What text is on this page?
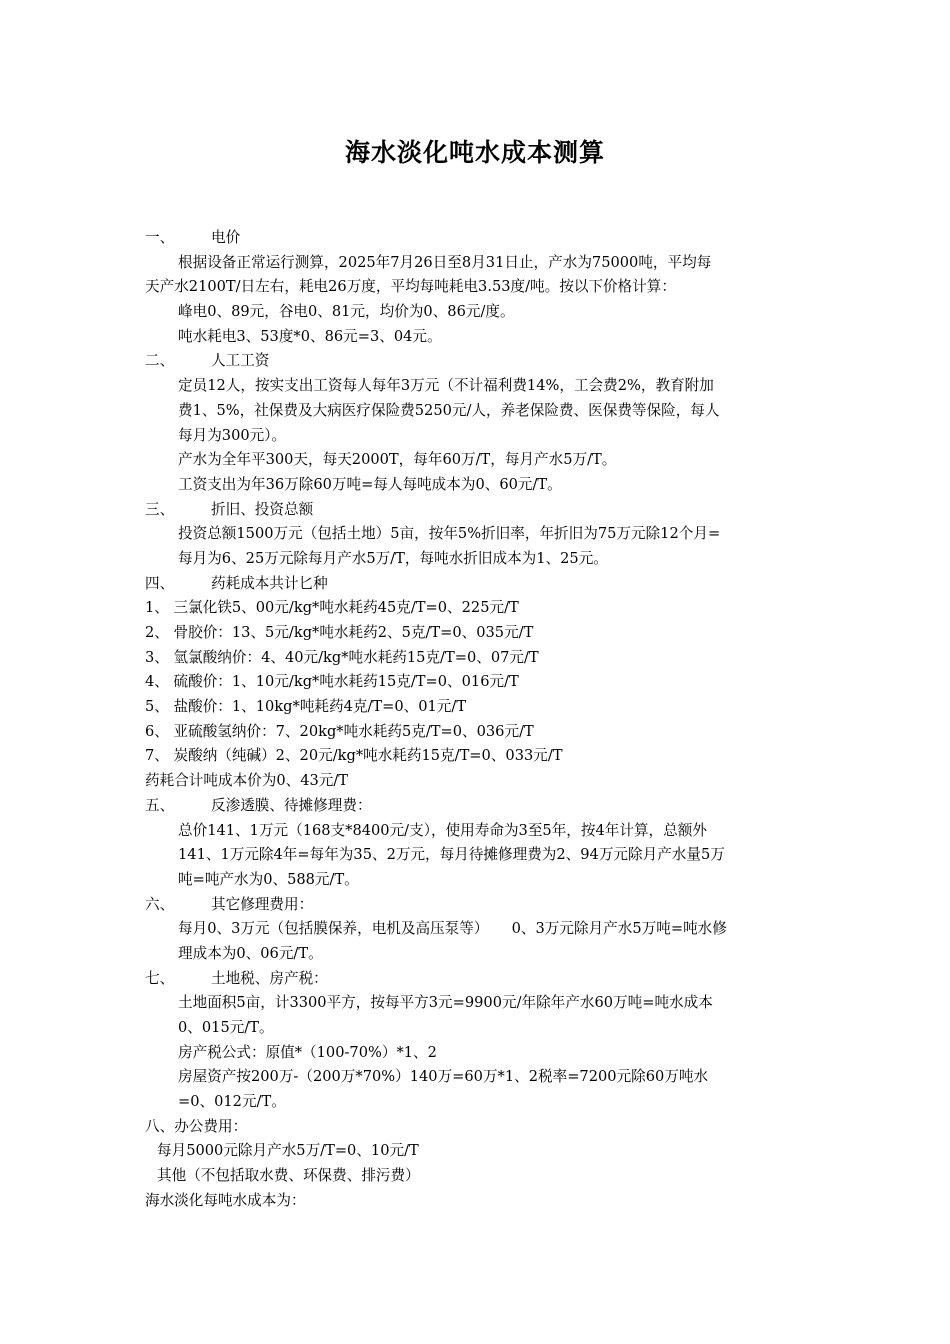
海水淡化吨水成本测算
一、	电价
根据设备正常运行测算，2025年7月26日至8月31日止，产水为75000吨，平均每
天产水2100T/日左右，耗电26万度，平均每吨耗电3.53度/吨。按以下价格计算：
峰电0、89元，谷电0、81元，均价为0、86元/度。
吨水耗电3、53度*0、86元=3、04元。
二、	人工工资
定员12人，按实支出工资每人每年3万元（不计福利费14%，工会费2%，教育附加
费1、5%，社保费及大病医疗保险费5250元/人，养老保险费、医保费等保险，每人
每月为300元）。
产水为全年平300天，每天2000T，每年60万/T，每月产水5万/T。
工资支出为年36万除60万吨=每人每吨成本为0、60元/T。
三、	折旧、投资总额
投资总额1500万元（包括土地）5亩，按年5%折旧率，年折旧为75万元除12个月=
每月为6、25万元除每月产水5万/T，每吨水折旧成本为1、25元。
四、	药耗成本共计匕种
1、 三氯化铁5、00元/kg*吨水耗药45克/T=0、225元/T
2、 骨胶价：13、5元/kg*吨水耗药2、5克/T=0、035元/T
3、 氫氯酸纳价：4、40元/kg*吨水耗药15克/T=0、07元/T
4、 硫酸价：1、10元/kg*吨水耗药15克/T=0、016元/T
5、 盐酸价：1、10kg*吨耗药4克/T=0、01元/T
6、 亚硫酸氢纳价：7、20kg*吨水耗药5克/T=0、036元/T
7、 炭酸纳（纯碱）2、20元/kg*吨水耗药15克/T=0、033元/T
药耗合计吨成本价为0、43元/T
五、	反渗透膜、待摊修理费：
总价141、1万元（168支*8400元/支），使用寿命为3至5年，按4年计算，总额外
141、1万元除4年=每年为35、2万元，每月待摊修理费为2、94万元除月产水量5万
吨=吨产水为0、588元/T。
六、	其它修理费用：
每月0、3万元（包括膜保养，电机及高压泵等）     0、3万元除月产水5万吨=吨水修
理成本为0、06元/T。
七、	土地税、房产税：
土地面积5亩，计3300平方，按每平方3元=9900元/年除年产水60万吨=吨水成本
0、015元/T。
房产税公式：原值*（100-70%）*1、2
房屋资产按200万-（200万*70%）140万=60万*1、2税率=7200元除60万吨水
=0、012元/T。
八、办公费用：
每月5000元除月产水5万/T=0、10元/T
其他（不包括取水费、环保费、排污费）
海水淡化每吨水成本为：
